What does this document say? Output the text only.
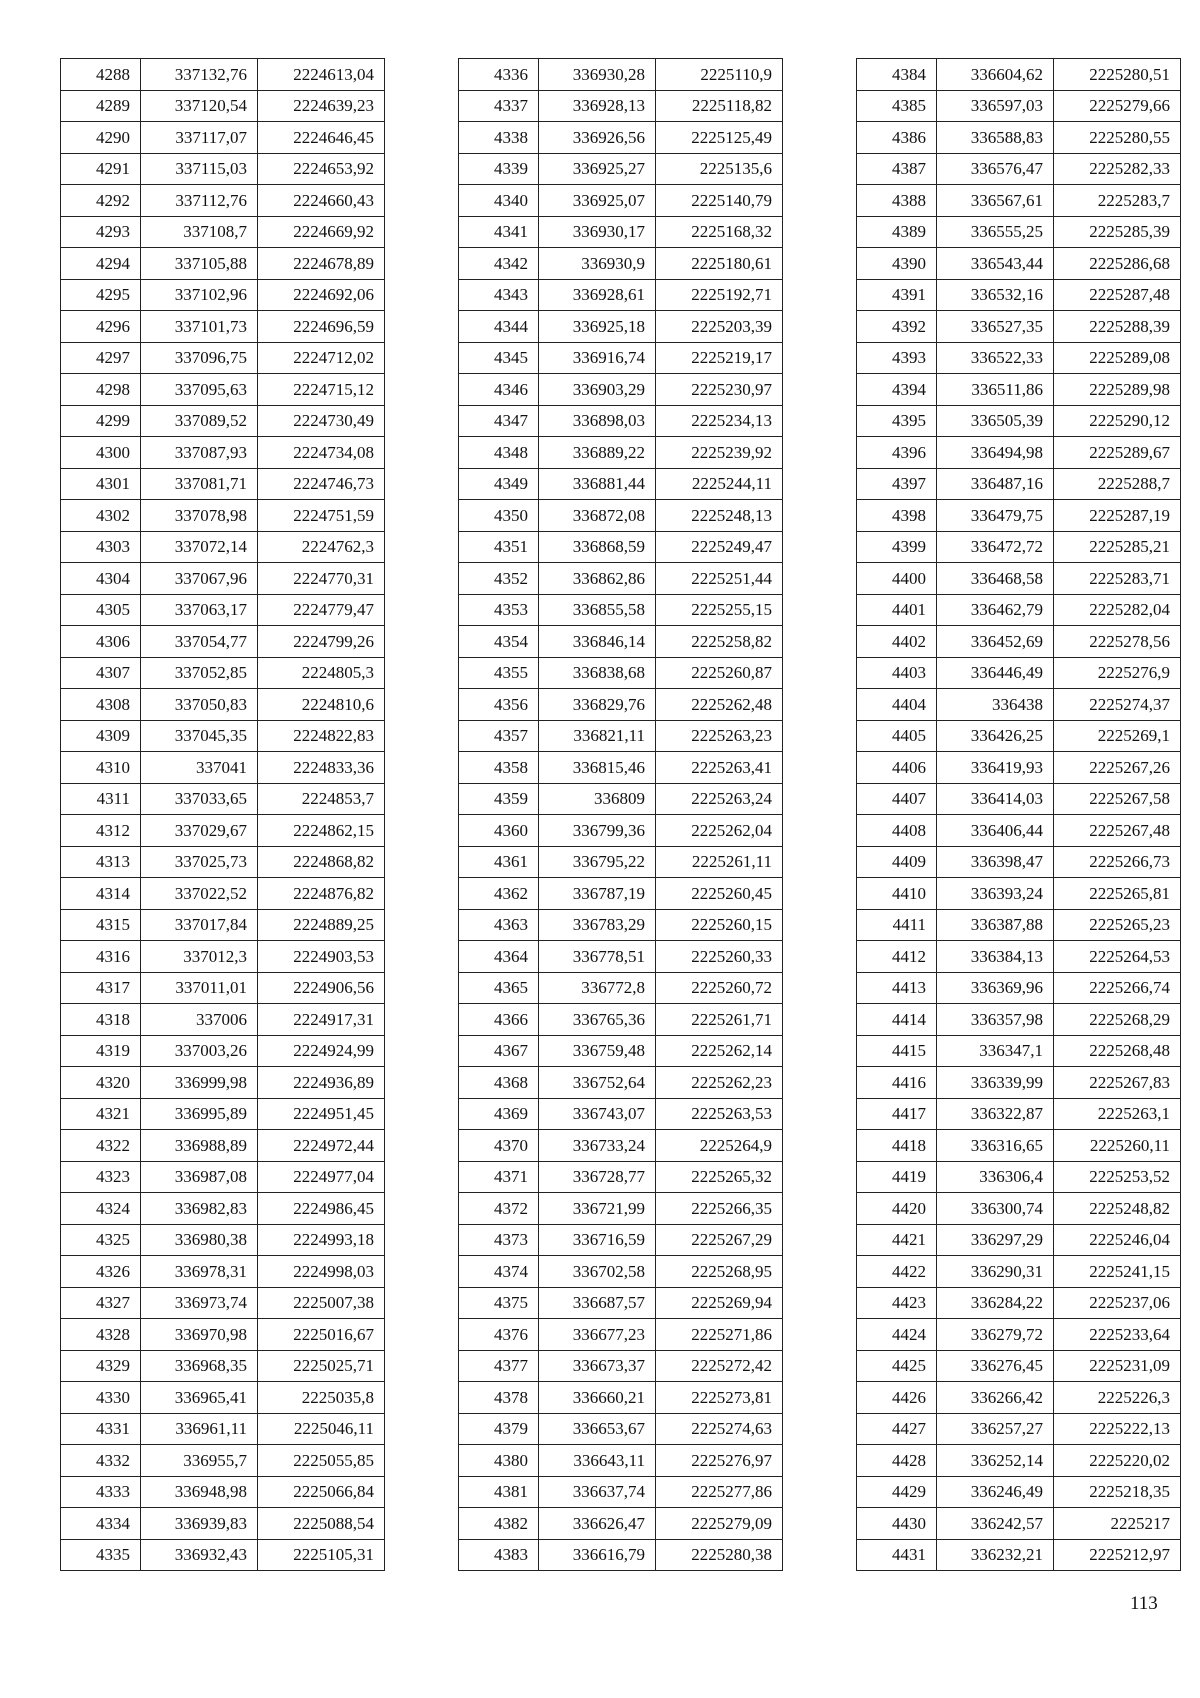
4288	337132,76	2224613,04
4289	337120,54	2224639,23
4290	337117,07	2224646,45
4291	337115,03	2224653,92
4292	337112,76	2224660,43
4293	337108,7	2224669,92
4294	337105,88	2224678,89
4295	337102,96	2224692,06
4296	337101,73	2224696,59
4297	337096,75	2224712,02
4298	337095,63	2224715,12
4299	337089,52	2224730,49
4300	337087,93	2224734,08
4301	337081,71	2224746,73
4302	337078,98	2224751,59
4303	337072,14	2224762,3
4304	337067,96	2224770,31
4305	337063,17	2224779,47
4306	337054,77	2224799,26
4307	337052,85	2224805,3
4308	337050,83	2224810,6
4309	337045,35	2224822,83
4310	337041	2224833,36
4311	337033,65	2224853,7
4312	337029,67	2224862,15
4313	337025,73	2224868,82
4314	337022,52	2224876,82
4315	337017,84	2224889,25
4316	337012,3	2224903,53
4317	337011,01	2224906,56
4318	337006	2224917,31
4319	337003,26	2224924,99
4320	336999,98	2224936,89
4321	336995,89	2224951,45
4322	336988,89	2224972,44
4323	336987,08	2224977,04
4324	336982,83	2224986,45
4325	336980,38	2224993,18
4326	336978,31	2224998,03
4327	336973,74	2225007,38
4328	336970,98	2225016,67
4329	336968,35	2225025,71
4330	336965,41	2225035,8
4331	336961,11	2225046,11
4332	336955,7	2225055,85
4333	336948,98	2225066,84
4334	336939,83	2225088,54
4335	336932,43	2225105,31
4336	336930,28	2225110,9
4337	336928,13	2225118,82
4338	336926,56	2225125,49
4339	336925,27	2225135,6
4340	336925,07	2225140,79
4341	336930,17	2225168,32
4342	336930,9	2225180,61
4343	336928,61	2225192,71
4344	336925,18	2225203,39
4345	336916,74	2225219,17
4346	336903,29	2225230,97
4347	336898,03	2225234,13
4348	336889,22	2225239,92
4349	336881,44	2225244,11
4350	336872,08	2225248,13
4351	336868,59	2225249,47
4352	336862,86	2225251,44
4353	336855,58	2225255,15
4354	336846,14	2225258,82
4355	336838,68	2225260,87
4356	336829,76	2225262,48
4357	336821,11	2225263,23
4358	336815,46	2225263,41
4359	336809	2225263,24
4360	336799,36	2225262,04
4361	336795,22	2225261,11
4362	336787,19	2225260,45
4363	336783,29	2225260,15
4364	336778,51	2225260,33
4365	336772,8	2225260,72
4366	336765,36	2225261,71
4367	336759,48	2225262,14
4368	336752,64	2225262,23
4369	336743,07	2225263,53
4370	336733,24	2225264,9
4371	336728,77	2225265,32
4372	336721,99	2225266,35
4373	336716,59	2225267,29
4374	336702,58	2225268,95
4375	336687,57	2225269,94
4376	336677,23	2225271,86
4377	336673,37	2225272,42
4378	336660,21	2225273,81
4379	336653,67	2225274,63
4380	336643,11	2225276,97
4381	336637,74	2225277,86
4382	336626,47	2225279,09
4383	336616,79	2225280,38
4384	336604,62	2225280,51
4385	336597,03	2225279,66
4386	336588,83	2225280,55
4387	336576,47	2225282,33
4388	336567,61	2225283,7
4389	336555,25	2225285,39
4390	336543,44	2225286,68
4391	336532,16	2225287,48
4392	336527,35	2225288,39
4393	336522,33	2225289,08
4394	336511,86	2225289,98
4395	336505,39	2225290,12
4396	336494,98	2225289,67
4397	336487,16	2225288,7
4398	336479,75	2225287,19
4399	336472,72	2225285,21
4400	336468,58	2225283,71
4401	336462,79	2225282,04
4402	336452,69	2225278,56
4403	336446,49	2225276,9
4404	336438	2225274,37
4405	336426,25	2225269,1
4406	336419,93	2225267,26
4407	336414,03	2225267,58
4408	336406,44	2225267,48
4409	336398,47	2225266,73
4410	336393,24	2225265,81
4411	336387,88	2225265,23
4412	336384,13	2225264,53
4413	336369,96	2225266,74
4414	336357,98	2225268,29
4415	336347,1	2225268,48
4416	336339,99	2225267,83
4417	336322,87	2225263,1
4418	336316,65	2225260,11
4419	336306,4	2225253,52
4420	336300,74	2225248,82
4421	336297,29	2225246,04
4422	336290,31	2225241,15
4423	336284,22	2225237,06
4424	336279,72	2225233,64
4425	336276,45	2225231,09
4426	336266,42	2225226,3
4427	336257,27	2225222,13
4428	336252,14	2225220,02
4429	336246,49	2225218,35
4430	336242,57	2225217
4431	336232,21	2225212,97
113
